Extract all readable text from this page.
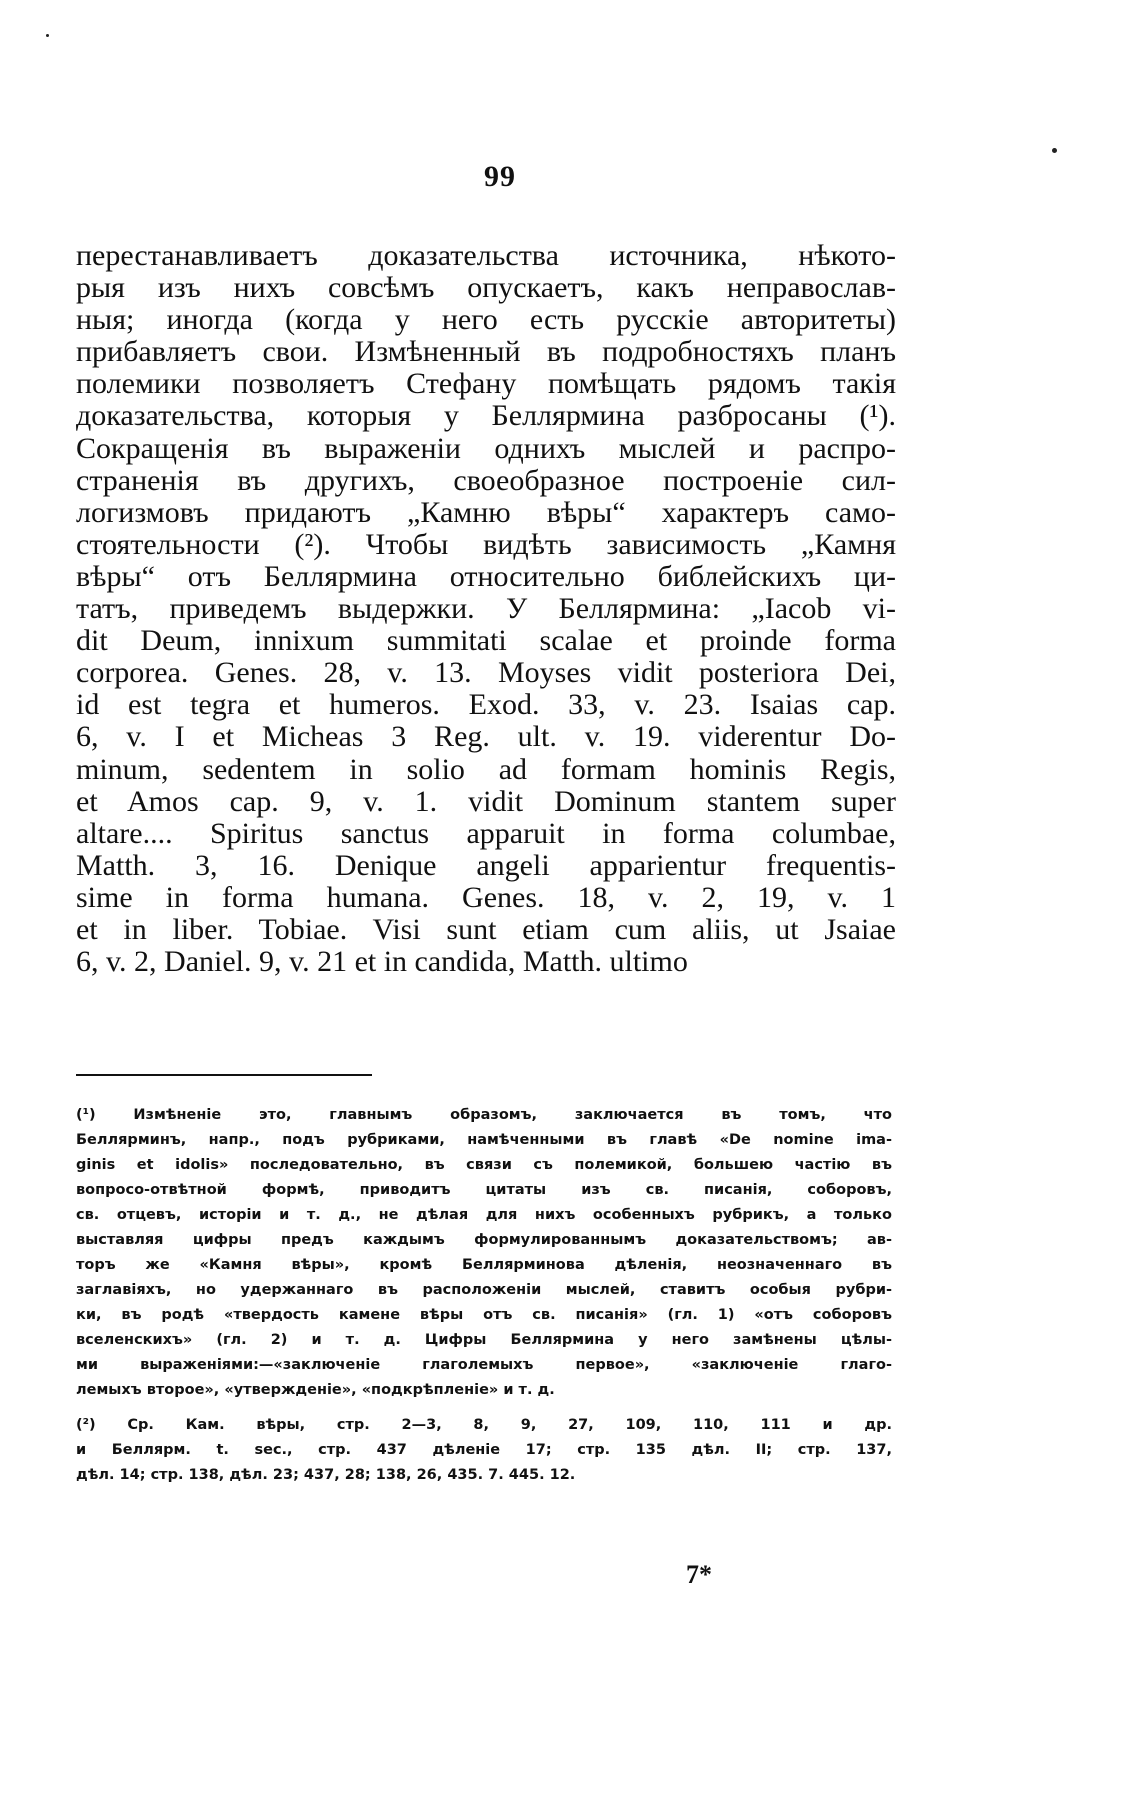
99
перестанавливаетъ доказательства источника, нѣкото-
рыя изъ нихъ совсѣмъ опускаетъ, какъ неправослав-
ныя; иногда (когда у него есть русскіе авторитеты)
прибавляетъ свои. Измѣненный въ подробностяхъ планъ
полемики позволяетъ Стефану помѣщать рядомъ такія
доказательства, которыя у Беллярмина разбросаны (¹).
Сокращенія въ выраженіи однихъ мыслей и распро-
страненія въ другихъ, своеобразное построеніе сил-
логизмовъ придаютъ „Камню вѣры“ характеръ само-
стоятельности (²). Чтобы видѣть зависимость „Камня
вѣры“ отъ Беллярмина относительно библейскихъ ци-
татъ, приведемъ выдержки. У Беллярмина: „Iacob vi-
dit Deum, innixum summitati scalae et proinde forma
corporea. Genes. 28, v. 13. Moyses vidit posteriora Dei,
id est tegra et humeros. Exod. 33, v. 23. Isaias cap.
6, v. I et Micheas 3 Reg. ult. v. 19. viderentur Do-
minum, sedentem in solio ad formam hominis Regis,
et Amos cap. 9, v. 1. vidit Dominum stantem super
altare.... Spiritus sanctus apparuit in forma columbae,
Matth. 3, 16. Denique angeli apparientur frequentis-
sime in forma humana. Genes. 18, v. 2, 19, v. 1
et in liber. Tobiae. Visi sunt etiam cum aliis, ut Jsaiae
6, v. 2, Daniel. 9, v. 21 et in candida, Matth. ultimo
(¹) Измѣненіе это, главнымъ образомъ, заключается въ томъ, что
Беллярминъ, напр., подъ рубриками, намѣченными въ главѣ «De nomine ima-
ginis et idolis» последовательно, въ связи съ полемикой, большею частію въ
вопросо-отвѣтной формѣ, приводитъ цитаты изъ св. писанія, соборовъ,
св. отцевъ, исторіи и т. д., не дѣлая для нихъ особенныхъ рубрикъ, а только
выставляя цифры предъ каждымъ формулированнымъ доказательствомъ; ав-
торъ же «Камня вѣры», кромѣ Беллярминова дѣленія, неозначеннаго въ
заглавіяхъ, но удержаннаго въ расположеніи мыслей, ставитъ особыя рубри-
ки, въ родѣ «твердость камене вѣры отъ св. писанія» (гл. 1) «отъ соборовъ
вселенскихъ» (гл. 2) и т. д. Цифры Беллярмина у него замѣнены цѣлы-
ми выраженіями:—«заключеніе глаголемыхъ первое», «заключеніе глаго-
лемыхъ второе», «утвержденіе», «подкрѣпленіе» и т. д.
(²) Ср. Кам. вѣры, стр. 2—3, 8, 9, 27, 109, 110, 111 и др.
и Беллярм. t. sec., стр. 437 дѣленіе 17; стр. 135 дѣл. II; стр. 137,
дѣл. 14; стр. 138, дѣл. 23; 437, 28; 138, 26, 435. 7. 445. 12.
7*
